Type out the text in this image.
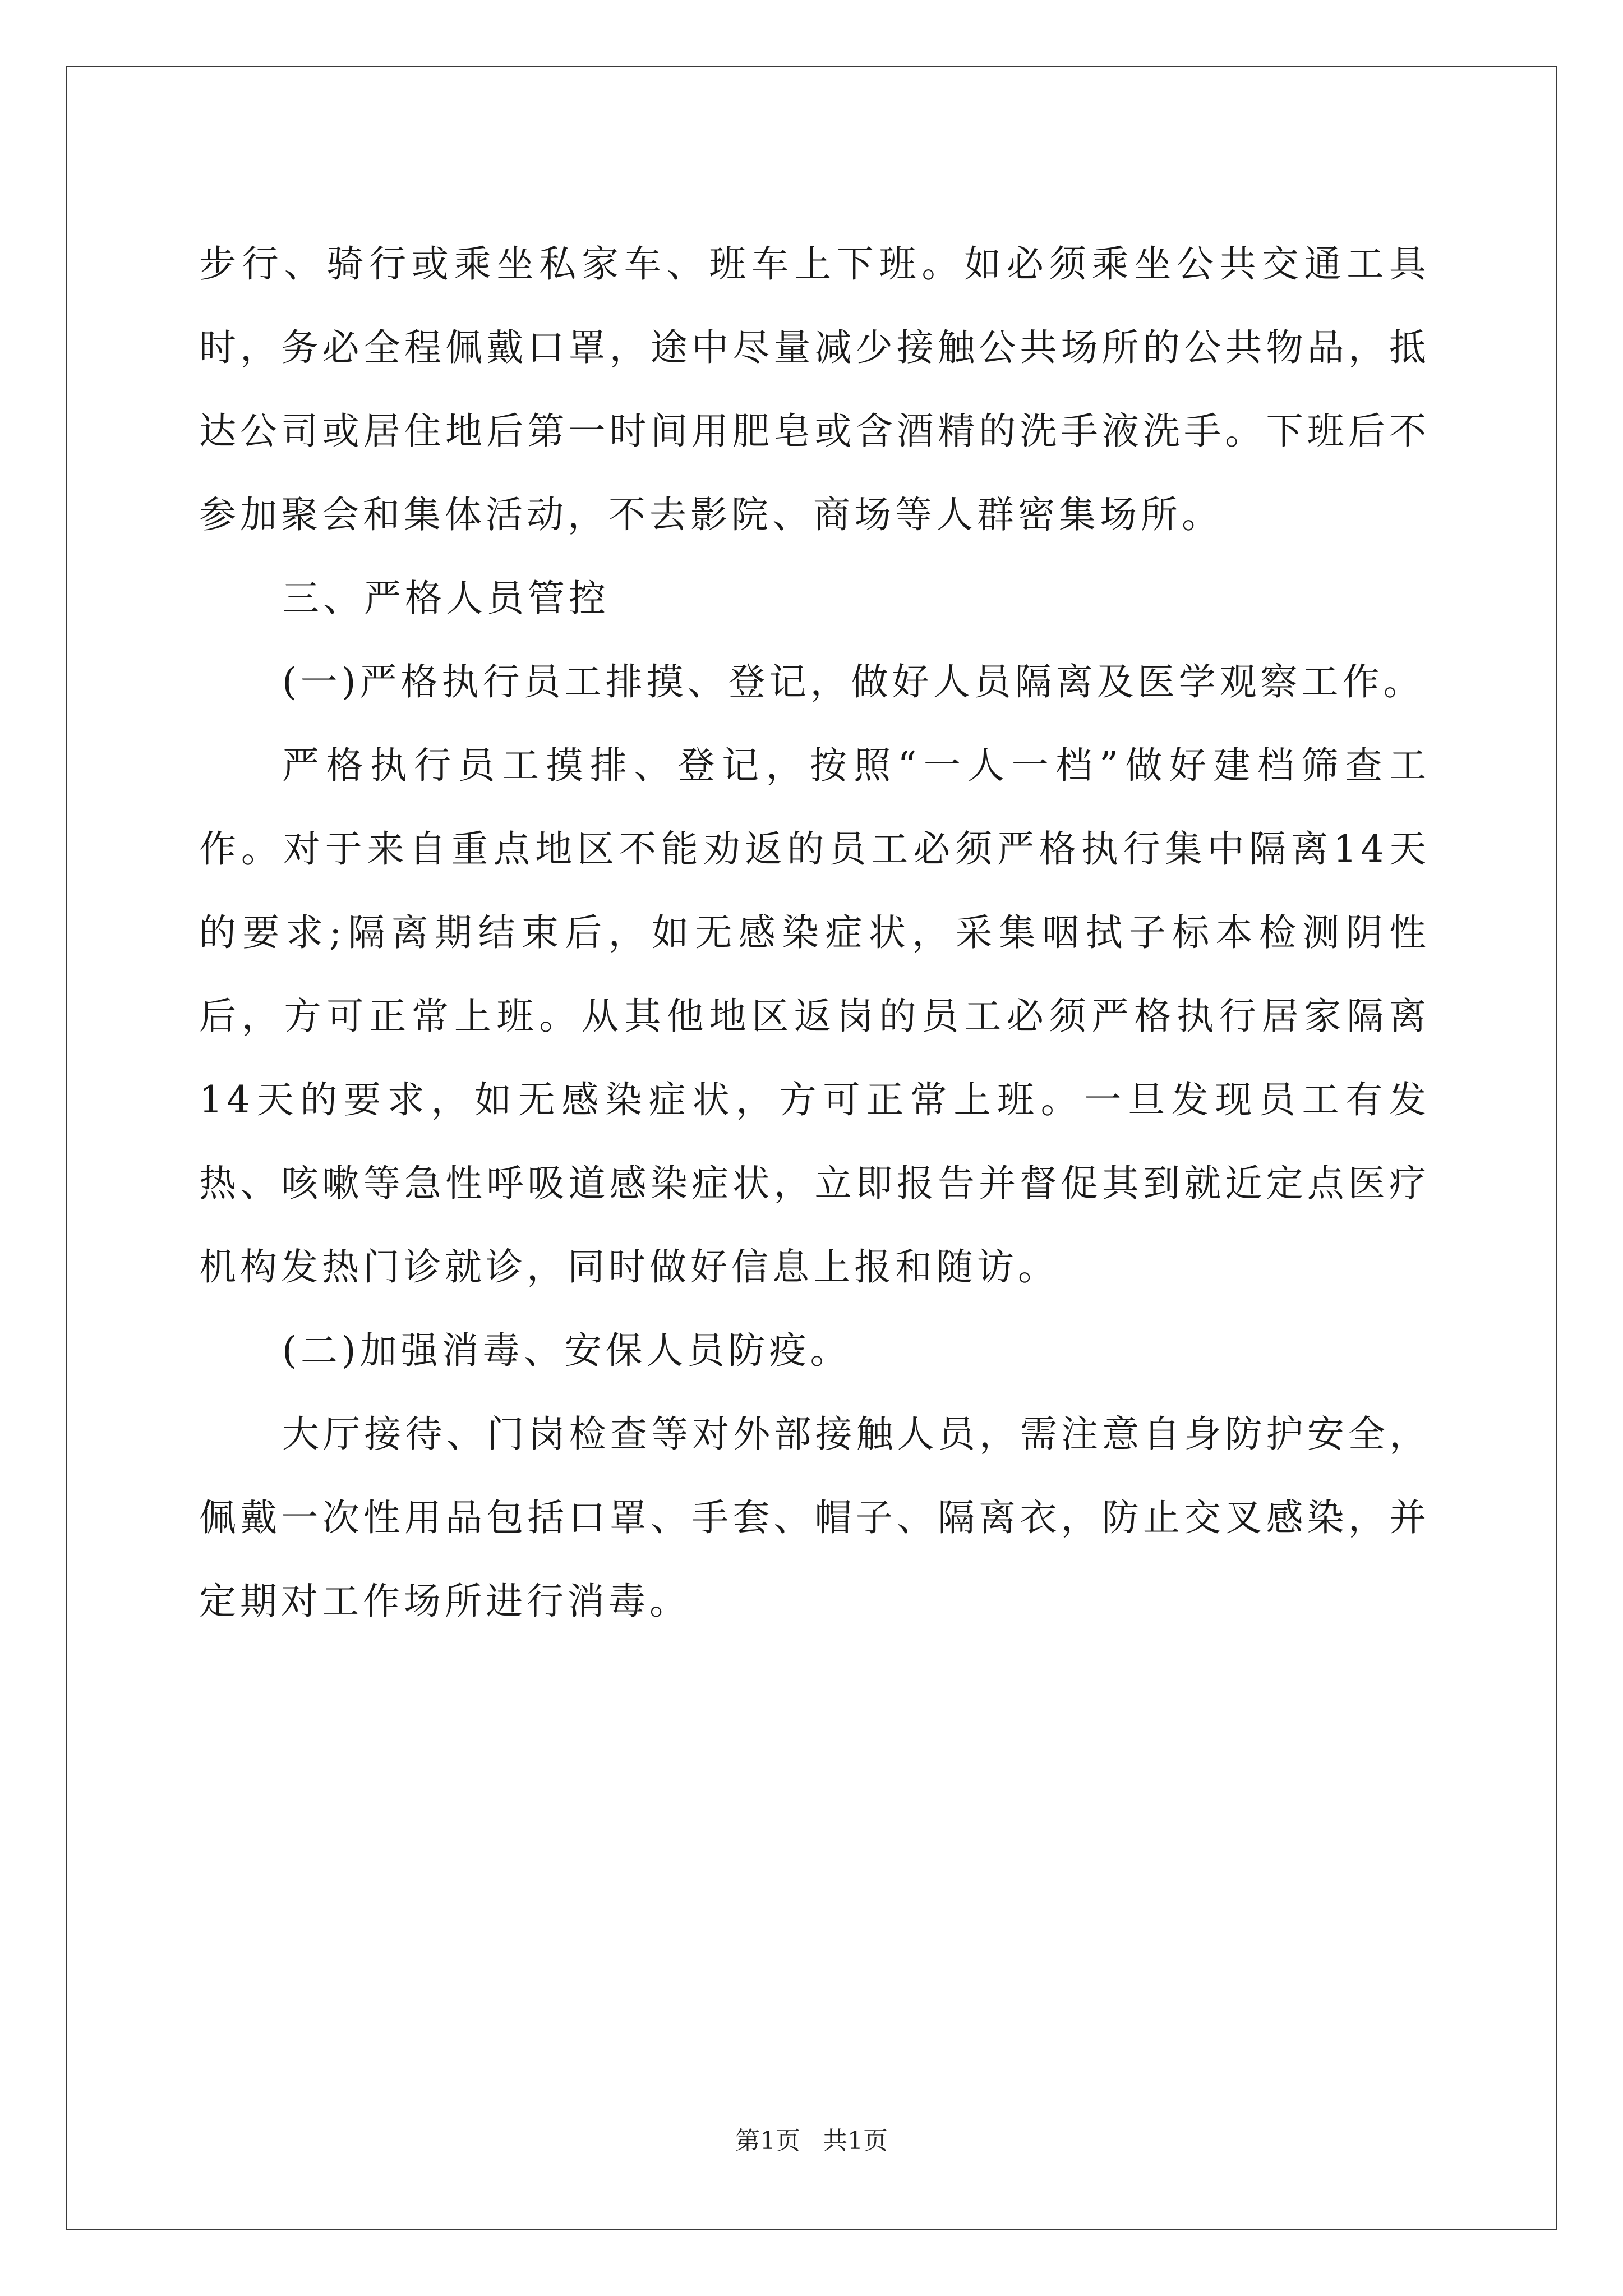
步行、骑行或乘坐私家车、班车上下班。如必须乘坐公共交通工具时，务必全程佩戴口罩，途中尽量减少接触公共场所的公共物品，抵达公司或居住地后第一时间用肥皂或含酒精的洗手液洗手。下班后不参加聚会和集体活动，不去影院、商场等人群密集场所。

三、严格人员管控

(一)严格执行员工排摸、登记，做好人员隔离及医学观察工作。

严格执行员工摸排、登记，按照“一人一档”做好建档筛查工作。对于来自重点地区不能劝返的员工必须严格执行集中隔离14天的要求;隔离期结束后，如无感染症状，采集咽拭子标本检测阴性后，方可正常上班。从其他地区返岗的员工必须严格执行居家隔离14天的要求，如无感染症状，方可正常上班。一旦发现员工有发热、咳嗽等急性呼吸道感染症状，立即报告并督促其到就近定点医疗机构发热门诊就诊，同时做好信息上报和随访。

(二)加强消毒、安保人员防疫。

大厅接待、门岗检查等对外部接触人员，需注意自身防护安全，佩戴一次性用品包括口罩、手套、帽子、隔离衣，防止交叉感染，并定期对工作场所进行消毒。

第1页 共1页
